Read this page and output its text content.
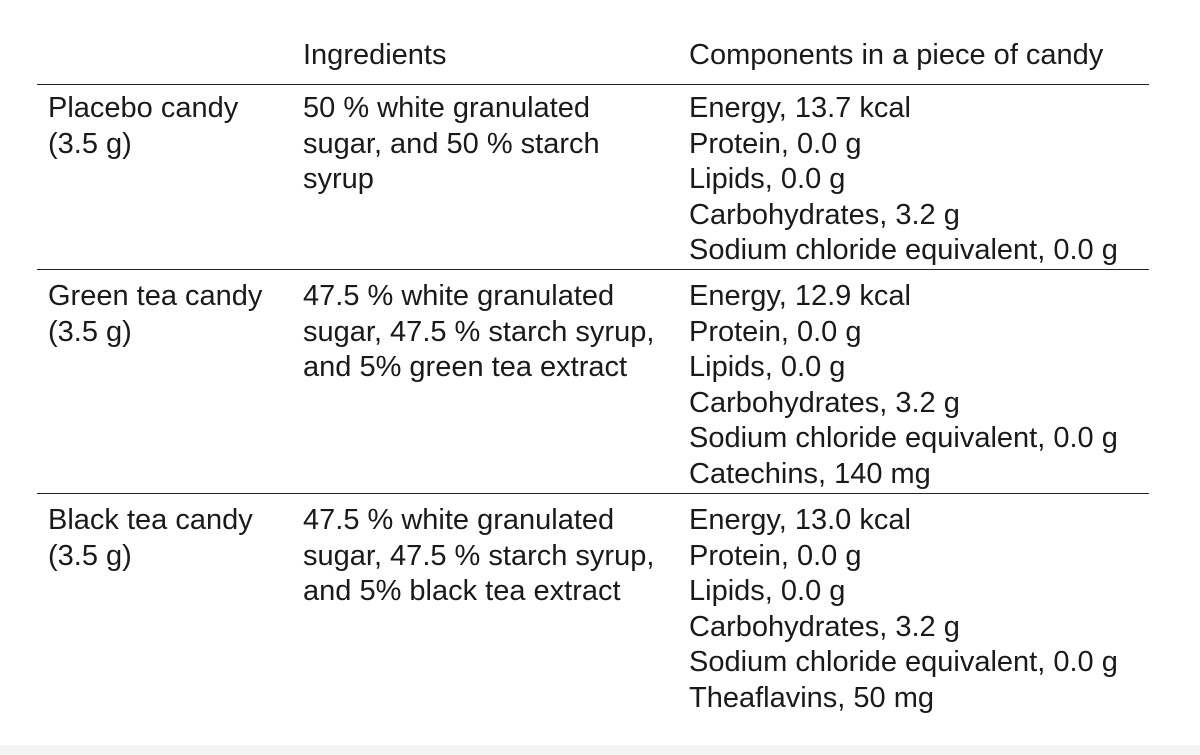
Ingredients	Components in a piece of candy
Placebo candy
(3.5 g)
50 % white granulated
sugar, and 50 % starch
syrup
Energy, 13.7 kcal
Protein, 0.0 g
Lipids, 0.0 g
Carbohydrates, 3.2 g
Sodium chloride equivalent, 0.0 g
Green tea candy
(3.5 g)
47.5 % white granulated
sugar, 47.5 % starch syrup,
and 5% green tea extract
Energy, 12.9 kcal
Protein, 0.0 g
Lipids, 0.0 g
Carbohydrates, 3.2 g
Sodium chloride equivalent, 0.0 g
Catechins, 140 mg
Black tea candy
(3.5 g)
47.5 % white granulated
sugar, 47.5 % starch syrup,
and 5% black tea extract
Energy, 13.0 kcal
Protein, 0.0 g
Lipids, 0.0 g
Carbohydrates, 3.2 g
Sodium chloride equivalent, 0.0 g
Theaflavins, 50 mg
